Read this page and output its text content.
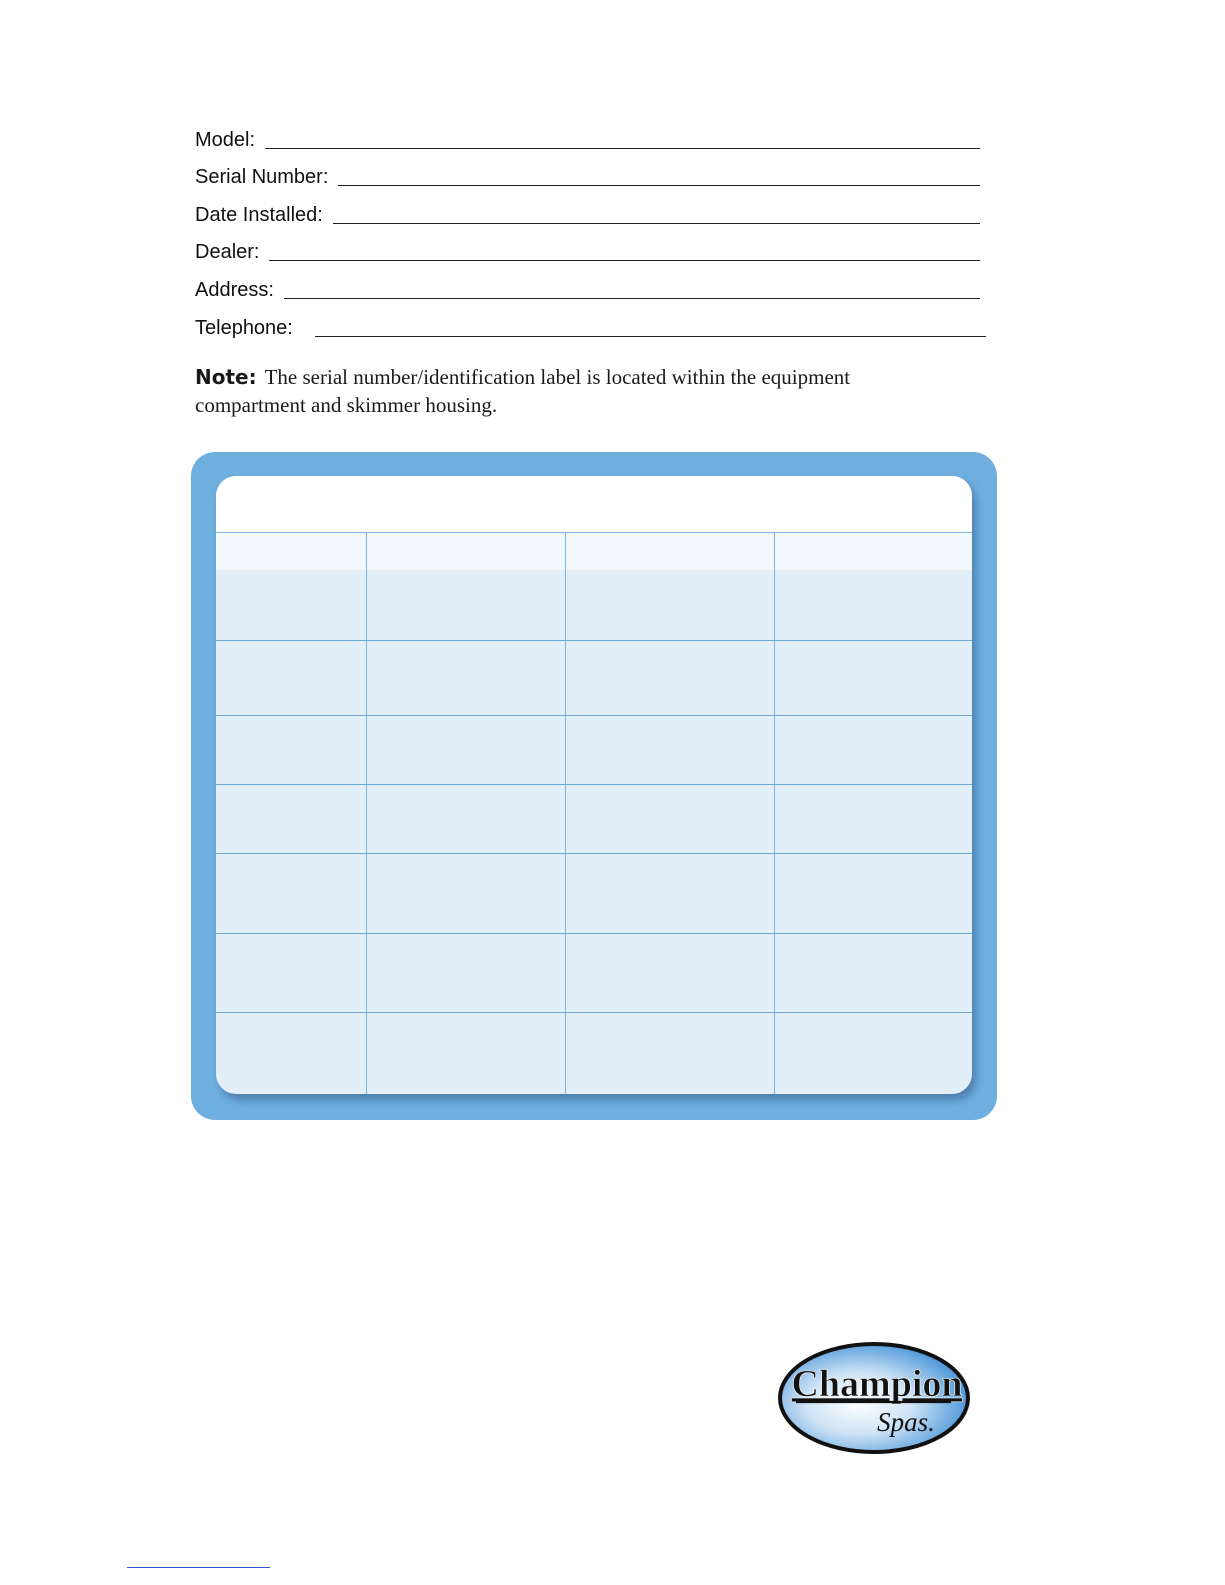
Model:
Serial Number:
Date Installed:
Dealer:
Address:
Telephone:
Note: The serial number/identification label is located within the equipment compartment and skimmer housing.

Champion
Spas.
